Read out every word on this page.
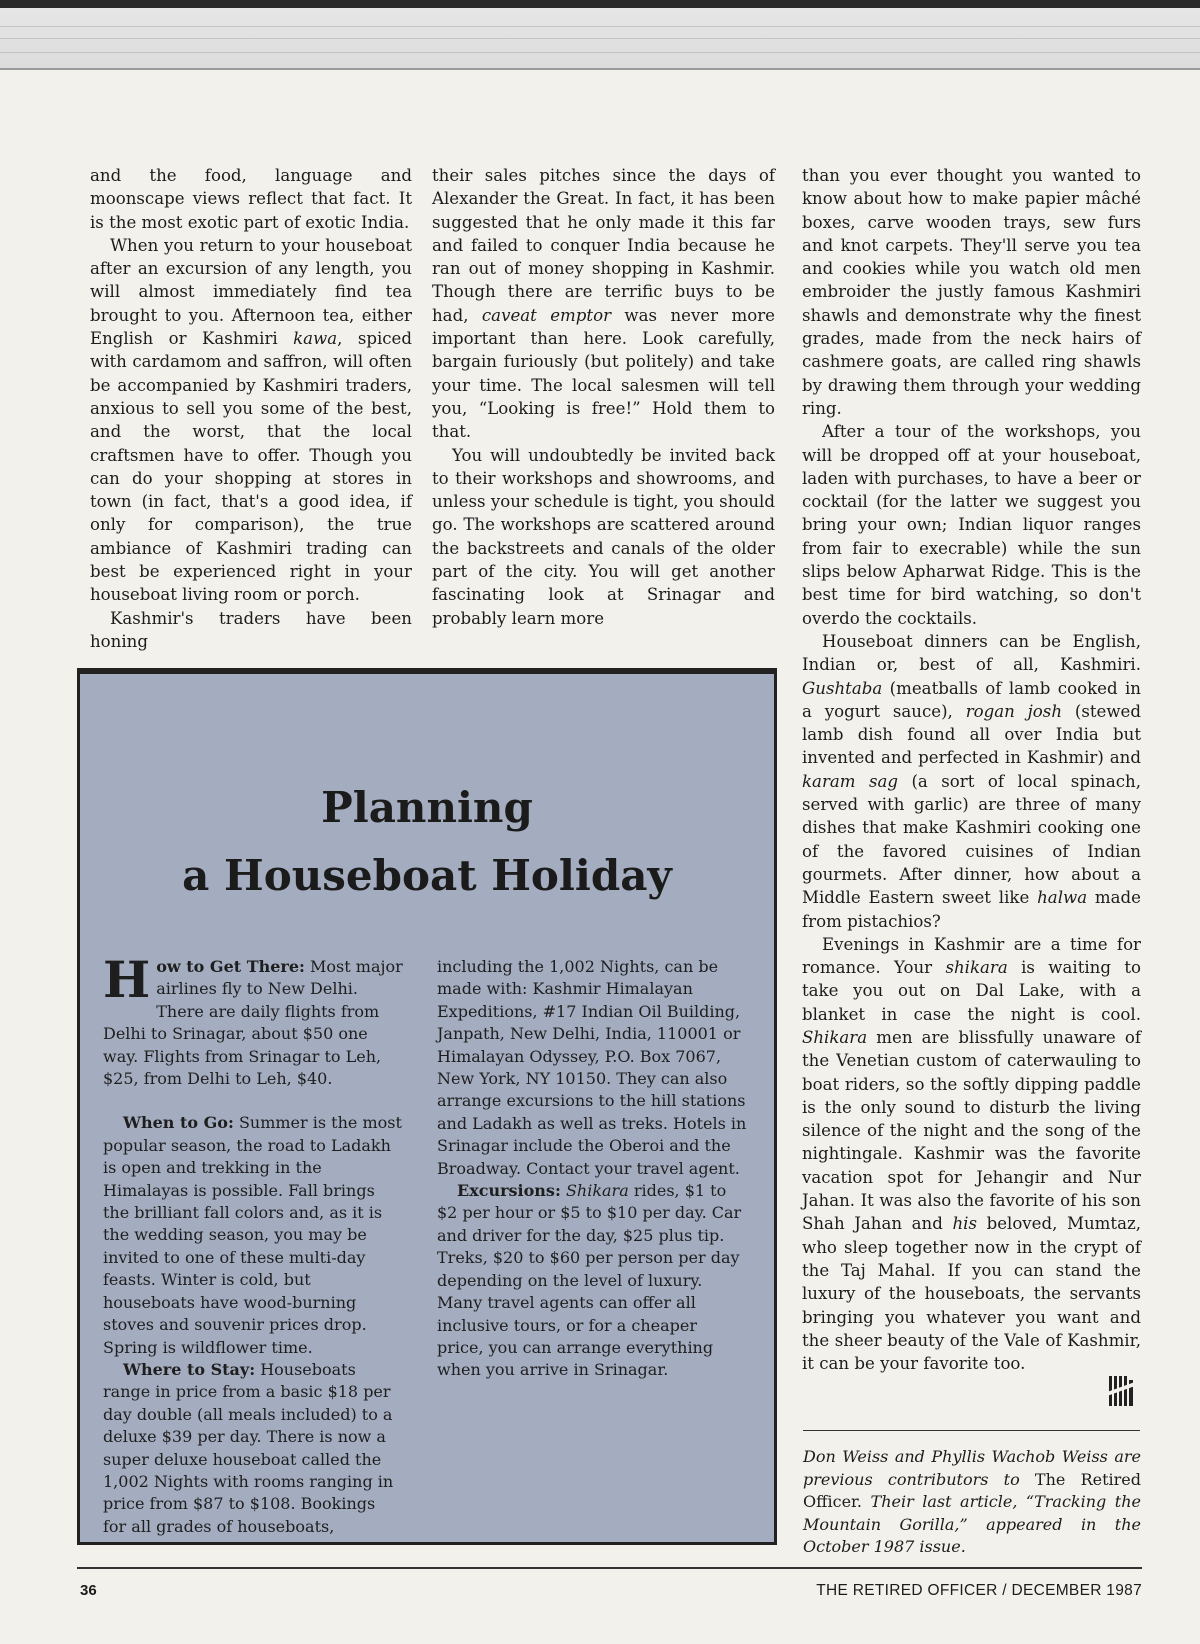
and the food, language and moonscape views reflect that fact. It is the most exotic part of exotic India.

When you return to your houseboat after an excursion of any length, you will almost immediately find tea brought to you. Afternoon tea, either English or Kashmiri kawa, spiced with cardamom and saffron, will often be accompanied by Kashmiri traders, anxious to sell you some of the best, and the worst, that the local craftsmen have to offer. Though you can do your shopping at stores in town (in fact, that's a good idea, if only for comparison), the true ambiance of Kashmiri trading can best be experienced right in your houseboat living room or porch.

Kashmir's traders have been honing

their sales pitches since the days of Alexander the Great. In fact, it has been suggested that he only made it this far and failed to conquer India because he ran out of money shopping in Kashmir. Though there are terrific buys to be had, caveat emptor was never more important than here. Look carefully, bargain furiously (but politely) and take your time. The local salesmen will tell you, “Looking is free!” Hold them to that.

You will undoubtedly be invited back to their workshops and showrooms, and unless your schedule is tight, you should go. The workshops are scattered around the backstreets and canals of the older part of the city. You will get another fascinating look at Srinagar and probably learn more

than you ever thought you wanted to know about how to make papier mâché boxes, carve wooden trays, sew furs and knot carpets. They'll serve you tea and cookies while you watch old men embroider the justly famous Kashmiri shawls and demonstrate why the finest grades, made from the neck hairs of cashmere goats, are called ring shawls by drawing them through your wedding ring.

After a tour of the workshops, you will be dropped off at your houseboat, laden with purchases, to have a beer or cocktail (for the latter we suggest you bring your own; Indian liquor ranges from fair to execrable) while the sun slips below Apharwat Ridge. This is the best time for bird watching, so don't overdo the cocktails.

Houseboat dinners can be English, Indian or, best of all, Kashmiri. Gushtaba (meatballs of lamb cooked in a yogurt sauce), rogan josh (stewed lamb dish found all over India but invented and perfected in Kashmir) and karam sag (a sort of local spinach, served with garlic) are three of many dishes that make Kashmiri cooking one of the favored cuisines of Indian gourmets. After dinner, how about a Middle Eastern sweet like halwa made from pistachios?

Evenings in Kashmir are a time for romance. Your shikara is waiting to take you out on Dal Lake, with a blanket in case the night is cool. Shikara men are blissfully unaware of the Venetian custom of caterwauling to boat riders, so the softly dipping paddle is the only sound to disturb the living silence of the night and the song of the nightingale. Kashmir was the favorite vacation spot for Jehangir and Nur Jahan. It was also the favorite of his son Shah Jahan and his beloved, Mumtaz, who sleep together now in the crypt of the Taj Mahal. If you can stand the luxury of the houseboats, the servants bringing you whatever you want and the sheer beauty of the Vale of Kashmir, it can be your favorite too.

Don Weiss and Phyllis Wachob Weiss are previous contributors to The Retired Officer. Their last article, “Tracking the Mountain Gorilla,” appeared in the October 1987 issue.
Planning
a Houseboat Holiday

How to Get There: Most major airlines fly to New Delhi. There are daily flights from Delhi to Srinagar, about $50 one way. Flights from Srinagar to Leh, $25, from Delhi to Leh, $40.

When to Go: Summer is the most popular season, the road to Ladakh is open and trekking in the Himalayas is possible. Fall brings the brilliant fall colors and, as it is the wedding season, you may be invited to one of these multi-day feasts. Winter is cold, but houseboats have wood-burning stoves and souvenir prices drop. Spring is wildflower time.

Where to Stay: Houseboats range in price from a basic $18 per day double (all meals included) to a deluxe $39 per day. There is now a super deluxe houseboat called the 1,002 Nights with rooms ranging in price from $87 to $108. Bookings for all grades of houseboats,

including the 1,002 Nights, can be made with: Kashmir Himalayan Expeditions, #17 Indian Oil Building, Janpath, New Delhi, India, 110001 or Himalayan Odyssey, P.O. Box 7067, New York, NY 10150. They can also arrange excursions to the hill stations and Ladakh as well as treks. Hotels in Srinagar include the Oberoi and the Broadway. Contact your travel agent.

Excursions: Shikara rides, $1 to $2 per hour or $5 to $10 per day. Car and driver for the day, $25 plus tip. Treks, $20 to $60 per person per day depending on the level of luxury. Many travel agents can offer all inclusive tours, or for a cheaper price, you can arrange everything when you arrive in Srinagar.

36	THE RETIRED OFFICER / DECEMBER 1987
